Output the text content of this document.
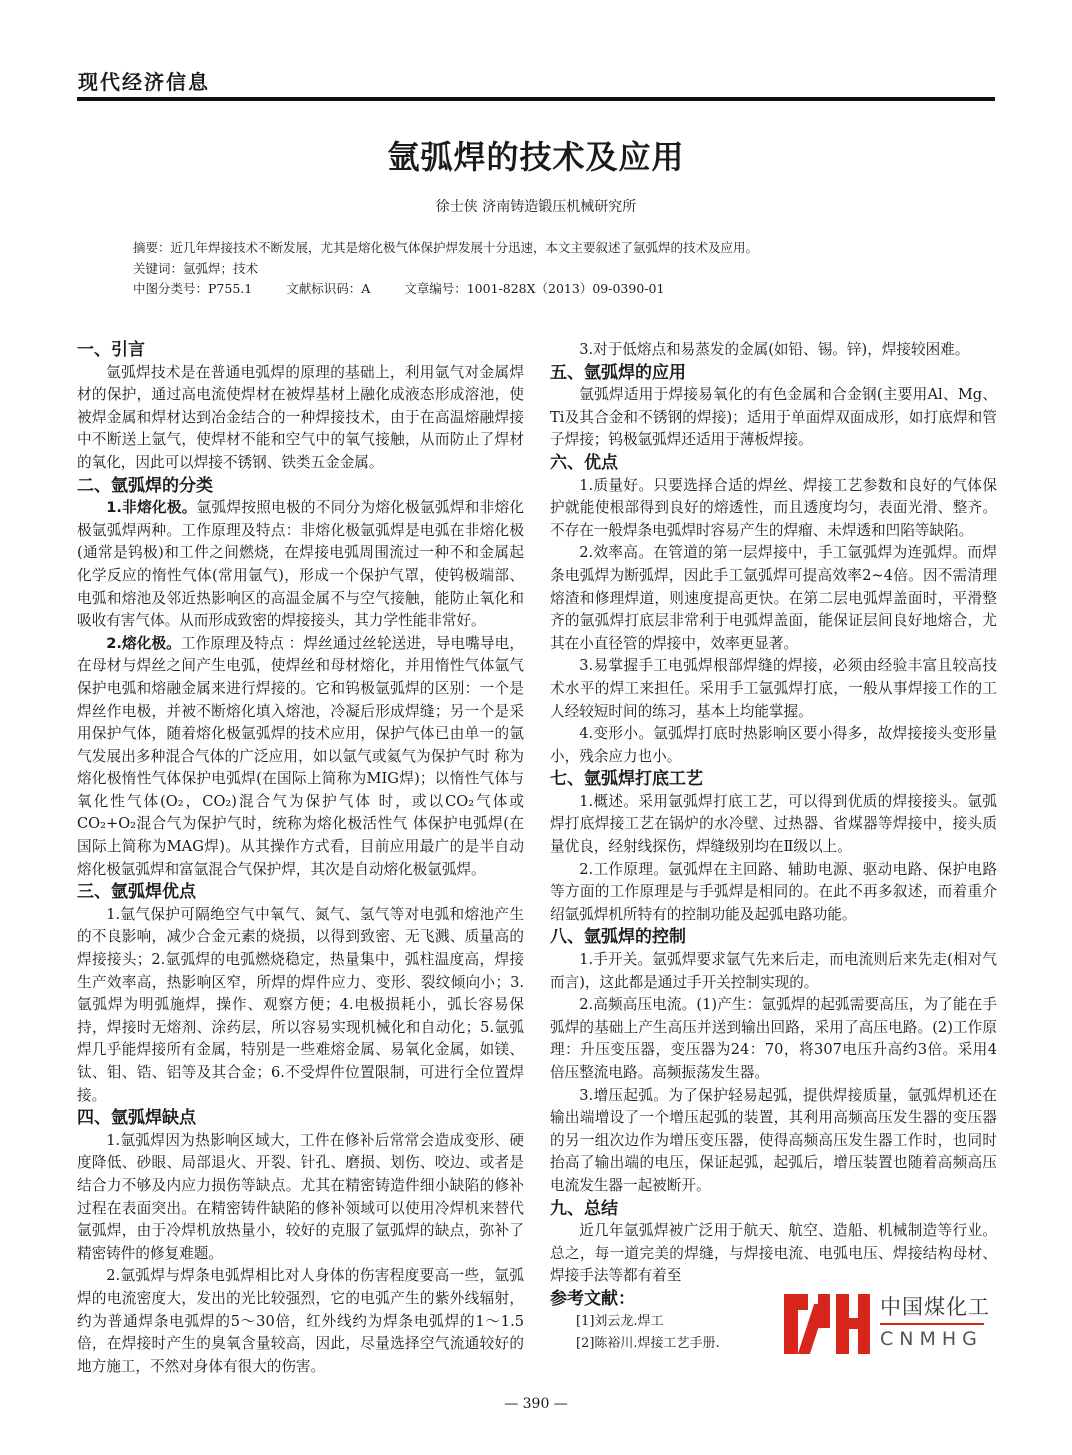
现代经济信息
氩弧焊的技术及应用
徐士侠 济南铸造锻压机械研究所
摘要：近几年焊接技术不断发展，尤其是熔化极气体保护焊发展十分迅速，本文主要叙述了氩弧焊的技术及应用。
关键词：氩弧焊；技术
中图分类号：P755.1	文献标识码：A	文章编号：1001-828X（2013）09-0390-01
一、引言

氩弧焊技术是在普通电弧焊的原理的基础上，利用氩气对金属焊材的保护，通过高电流使焊材在被焊基材上融化成液态形成溶池，使被焊金属和焊材达到冶金结合的一种焊接技术，由于在高温熔融焊接中不断送上氩气，使焊材不能和空气中的氧气接触，从而防止了焊材的氧化，因此可以焊接不锈钢、铁类五金金属。

二、氩弧焊的分类

1.非熔化极。氩弧焊按照电极的不同分为熔化极氩弧焊和非熔化极氩弧焊两种。工作原理及特点：非熔化极氩弧焊是电弧在非熔化极(通常是钨极)和工件之间燃烧，在焊接电弧周围流过一种不和金属起化学反应的惰性气体(常用氩气)，形成一个保护气罩，使钨极端部、电弧和熔池及邻近热影响区的高温金属不与空气接触，能防止氧化和吸收有害气体。从而形成致密的焊接接头，其力学性能非常好。

2.熔化极。工作原理及特点 ：焊丝通过丝轮送进，导电嘴导电，在母材与焊丝之间产生电弧，使焊丝和母材熔化，并用惰性气体氩气保护电弧和熔融金属来进行焊接的。它和钨极氩弧焊的区别：一个是焊丝作电极，并被不断熔化填入熔池，冷凝后形成焊缝；另一个是采用保护气体，随着熔化极氩弧焊的技术应用，保护气体已由单一的氩气发展出多种混合气体的广泛应用，如以氩气或氦气为保护气时 称为熔化极惰性气体保护电弧焊(在国际上简称为MIG焊)；以惰性气体与氧化性气体(O₂，CO₂)混合气为保护气体 时，或以CO₂气体或CO₂+O₂混合气为保护气时，统称为熔化极活性气 体保护电弧焊(在国际上简称为MAG焊)。从其操作方式看，目前应用最广的是半自动熔化极氩弧焊和富氩混合气保护焊，其次是自动熔化极氩弧焊。

三、氩弧焊优点

1.氩气保护可隔绝空气中氧气、氮气、氢气等对电弧和熔池产生的不良影响，减少合金元素的烧损，以得到致密、无飞溅、质量高的焊接接头；2.氩弧焊的电弧燃烧稳定，热量集中，弧柱温度高，焊接生产效率高，热影响区窄，所焊的焊件应力、变形、裂纹倾向小；3.氩弧焊为明弧施焊，操作、观察方便；4.电极损耗小，弧长容易保持，焊接时无熔剂、涂药层，所以容易实现机械化和自动化；5.氩弧焊几乎能焊接所有金属，特别是一些难熔金属、易氧化金属，如镁、钛、钼、锆、铝等及其合金；6.不受焊件位置限制，可进行全位置焊接。

四、氩弧焊缺点

1.氩弧焊因为热影响区域大，工件在修补后常常会造成变形、硬度降低、砂眼、局部退火、开裂、针孔、磨损、划伤、咬边、或者是结合力不够及内应力损伤等缺点。尤其在精密铸造件细小缺陷的修补过程在表面突出。在精密铸件缺陷的修补领域可以使用冷焊机来替代氩弧焊，由于冷焊机放热量小，较好的克服了氩弧焊的缺点，弥补了精密铸件的修复难题。

2.氩弧焊与焊条电弧焊相比对人身体的伤害程度要高一些，氩弧焊的电流密度大，发出的光比较强烈，它的电弧产生的紫外线辐射，约为普通焊条电弧焊的5～30倍，红外线约为焊条电弧焊的1～1.5倍，在焊接时产生的臭氧含量较高，因此，尽量选择空气流通较好的地方施工，不然对身体有很大的伤害。

3.对于低熔点和易蒸发的金属(如铅、锡。锌)，焊接较困难。

五、氩弧焊的应用

氩弧焊适用于焊接易氧化的有色金属和合金钢(主要用Al、Mg、Ti及其合金和不锈钢的焊接)；适用于单面焊双面成形，如打底焊和管子焊接；钨极氩弧焊还适用于薄板焊接。

六、优点

1.质量好。只要选择合适的焊丝、焊接工艺参数和良好的气体保护就能使根部得到良好的熔透性，而且透度均匀，表面光滑、整齐。不存在一般焊条电弧焊时容易产生的焊瘤、未焊透和凹陷等缺陷。

2.效率高。在管道的第一层焊接中，手工氩弧焊为连弧焊。而焊条电弧焊为断弧焊，因此手工氩弧焊可提高效率2~4倍。因不需清理熔渣和修理焊道，则速度提高更快。在第二层电弧焊盖面时，平滑整齐的氩弧焊打底层非常利于电弧焊盖面，能保证层间良好地熔合，尤其在小直径管的焊接中，效率更显著。

3.易掌握手工电弧焊根部焊缝的焊接，必须由经验丰富且较高技术水平的焊工来担任。采用手工氩弧焊打底，一般从事焊接工作的工人经较短时间的练习，基本上均能掌握。

4.变形小。氩弧焊打底时热影响区要小得多，故焊接接头变形量小，残余应力也小。

七、氩弧焊打底工艺

1.概述。采用氩弧焊打底工艺，可以得到优质的焊接接头。氩弧焊打底焊接工艺在锅炉的水冷壁、过热器、省煤器等焊接中，接头质量优良，经射线探伤，焊缝级别均在Ⅱ级以上。

2.工作原理。氩弧焊在主回路、辅助电源、驱动电路、保护电路等方面的工作原理是与手弧焊是相同的。在此不再多叙述，而着重介绍氩弧焊机所特有的控制功能及起弧电路功能。

八、氩弧焊的控制

1.手开关。氩弧焊要求氩气先来后走，而电流则后来先走(相对气而言)，这此都是通过手开关控制实现的。

2.高频高压电流。(1)产生：氩弧焊的起弧需要高压，为了能在手弧焊的基础上产生高压并送到输出回路，采用了高压电路。(2)工作原理：升压变压器，变压器为24：70，将307电压升高约3倍。采用4倍压整流电路。高频振荡发生器。

3.增压起弧。为了保护轻易起弧，提供焊接质量，氩弧焊机还在输出端增设了一个增压起弧的装置，其利用高频高压发生器的变压器的另一组次边作为增压变压器，使得高频高压发生器工作时，也同时抬高了输出端的电压，保证起弧，起弧后，增压装置也随着高频高压电流发生器一起被断开。

九、总结

近几年氩弧焊被广泛用于航天、航空、造船、机械制造等行业。总之，每一道完美的焊缝，与焊接电流、电弧电压、焊接结构母材、焊接手法等都有着至

中国煤化工
CNMHG
参考文献：
[1]刘云龙.焊工
[2]陈裕川.焊接工艺手册.
— 390 —
